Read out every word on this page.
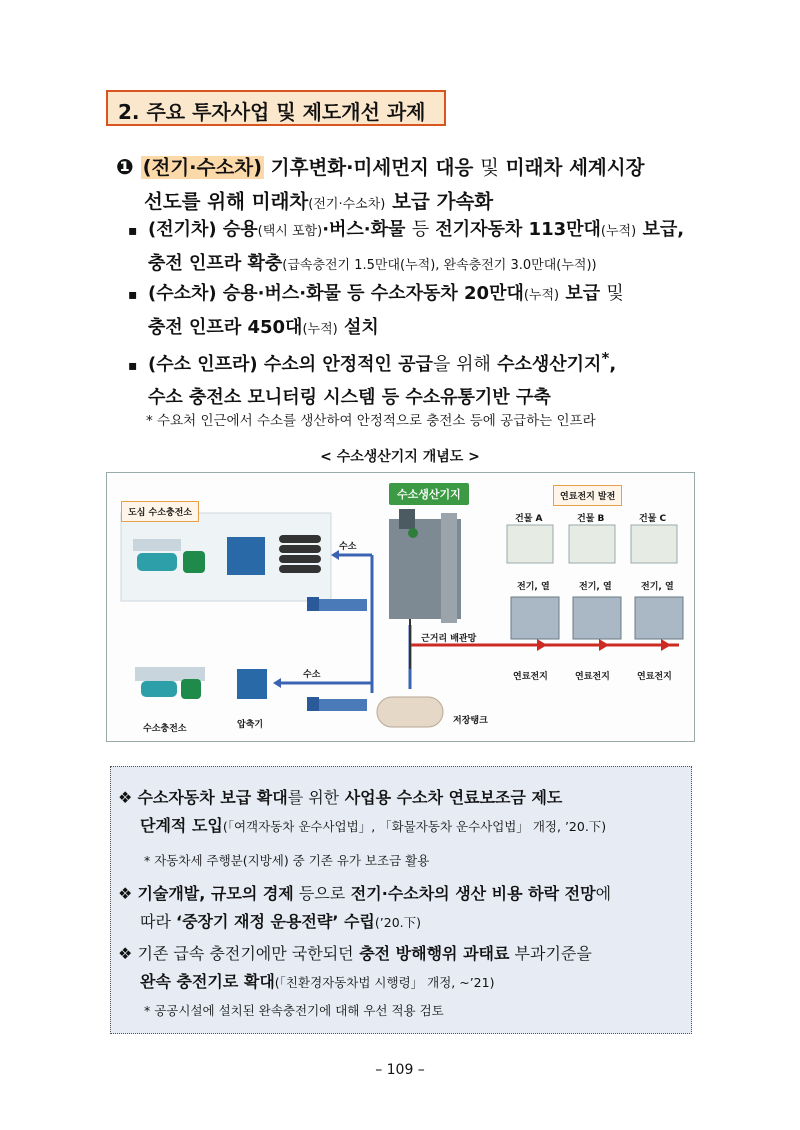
2. 주요 투자사업 및 제도개선 과제
❶ (전기·수소차) 기후변화·미세먼지 대응 및 미래차 세계시장
선도를 위해 미래차(전기·수소차) 보급 가속화
▪ (전기차) 승용(택시 포함)·버스·화물 등 전기자동차 113만대(누적) 보급,
충전 인프라 확충(급속충전기 1.5만대(누적), 완속충전기 3.0만대(누적))
▪ (수소차) 승용·버스·화물 등 수소자동차 20만대(누적) 보급 및
충전 인프라 450대(누적) 설치
▪ (수소 인프라) 수소의 안정적인 공급을 위해 수소생산기지*,
수소 충전소 모니터링 시스템 등 수소유통기반 구축
* 수요처 인근에서 수소를 생산하여 안정적으로 충전소 등에 공급하는 인프라
< 수소생산기지 개념도 >
도심 수소충전소
수소생산기지	연료전지 발전
건물 A	건물 B	건물 C
전기, 열	전기, 열	전기, 열
근거리 배관망
연료전지	연료전지	연료전지
수소
수소
수소충전소	압축기	저장탱크
❖ 수소자동차 보급 확대를 위한 사업용 수소차 연료보조금 제도
단계적 도입(「여객자동차 운수사업법」, 「화물자동차 운수사업법」 개정, ’20.下)
* 자동차세 주행분(지방세) 중 기존 유가 보조금 활용
❖ 기술개발, 규모의 경제 등으로 전기·수소차의 생산 비용 하락 전망에
따라 ‘중장기 재정 운용전략’ 수립(’20.下)
❖ 기존 급속 충전기에만 국한되던 충전 방해행위 과태료 부과기준을
완속 충전기로 확대(「친환경자동차법 시행령」 개정, ~’21)
* 공공시설에 설치된 완속충전기에 대해 우선 적용 검토
– 109 –
